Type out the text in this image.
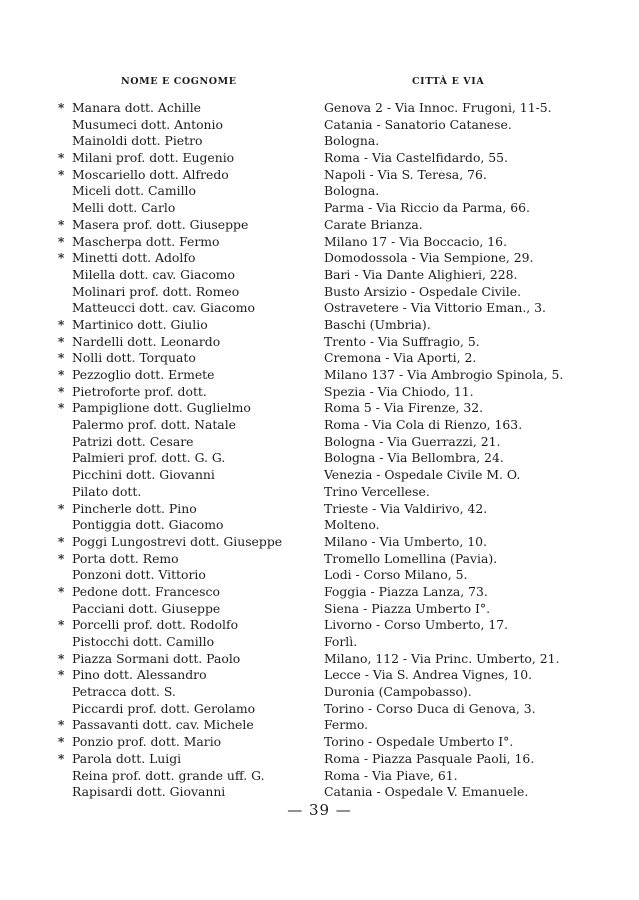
NOME E COGNOME	CITTÀ E VIA
* Manara dott. Achille
Musumeci dott. Antonio
Mainoldi dott. Pietro
* Milani prof. dott. Eugenio
* Moscariello dott. Alfredo
Miceli dott. Camillo
Melli dott. Carlo
* Masera prof. dott. Giuseppe
* Mascherpa dott. Fermo
* Minetti dott. Adolfo
Milella dott. cav. Giacomo
Molinari prof. dott. Romeo
Matteucci dott. cav. Giacomo
* Martinico dott. Giulio
* Nardelli dott. Leonardo
* Nolli dott. Torquato
* Pezzoglio dott. Ermete
* Pietroforte prof. dott.
* Pampiglione dott. Guglielmo
Palermo prof. dott. Natale
Patrizi dott. Cesare
Palmieri prof. dott. G. G.
Picchini dott. Giovanni
Pilato dott.
* Pincherle dott. Pino
Pontiggia dott. Giacomo
* Poggi Lungostrevi dott. Giuseppe
* Porta dott. Remo
Ponzoni dott. Vittorio
* Pedone dott. Francesco
Pacciani dott. Giuseppe
* Porcelli prof. dott. Rodolfo
Pistocchi dott. Camillo
* Piazza Sormani dott. Paolo
* Pino dott. Alessandro
Petracca dott. S.
Piccardi prof. dott. Gerolamo
* Passavanti dott. cav. Michele
* Ponzio prof. dott. Mario
* Parola dott. Luigi
Reina prof. dott. grande uff. G.
Rapisardi dott. Giovanni
Genova 2 - Via Innoc. Frugoni, 11-5.
Catania - Sanatorio Catanese.
Bologna.
Roma - Via Castelfidardo, 55.
Napoli - Via S. Teresa, 76.
Bologna.
Parma - Via Riccio da Parma, 66.
Carate Brianza.
Milano 17 - Via Boccacio, 16.
Domodossola - Via Sempione, 29.
Bari - Via Dante Alighieri, 228.
Busto Arsizio - Ospedale Civile.
Ostravetere - Via Vittorio Eman., 3.
Baschi (Umbria).
Trento - Via Suffragio, 5.
Cremona - Via Aporti, 2.
Milano 137 - Via Ambrogio Spinola, 5.
Spezia - Via Chiodo, 11.
Roma 5 - Via Firenze, 32.
Roma - Via Cola di Rienzo, 163.
Bologna - Via Guerrazzi, 21.
Bologna - Via Bellombra, 24.
Venezia - Ospedale Civile M. O.
Trino Vercellese.
Trieste - Via Valdirivo, 42.
Molteno.
Milano - Via Umberto, 10.
Tromello Lomellina (Pavia).
Lodi - Corso Milano, 5.
Foggia - Piazza Lanza, 73.
Siena - Piazza Umberto I°.
Livorno - Corso Umberto, 17.
Forlì.
Milano, 112 - Via Princ. Umberto, 21.
Lecce - Via S. Andrea Vignes, 10.
Duronia (Campobasso).
Torino - Corso Duca di Genova, 3.
Fermo.
Torino - Ospedale Umberto I°.
Roma - Piazza Pasquale Paoli, 16.
Roma - Via Piave, 61.
Catania - Ospedale V. Emanuele.
— 39 —
